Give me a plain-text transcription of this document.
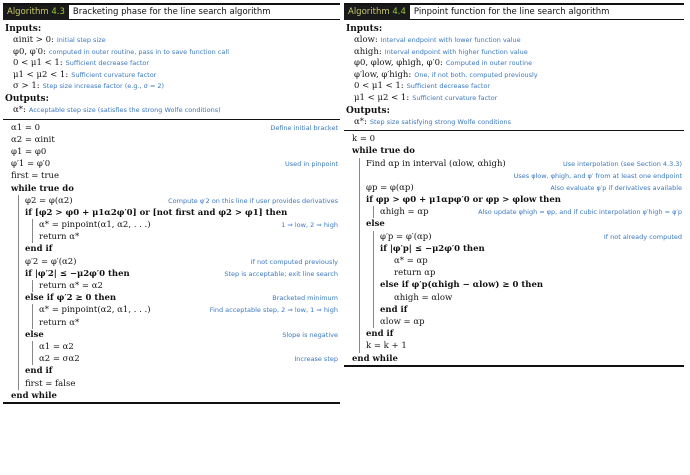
Algorithm 4.3 Bracketing phase for the line search algorithm
Inputs:
αinit > 0: Initial step size
φ0, φ′0: computed in outer routine, pass in to save function call
0 < μ1 < 1: Sufficient decrease factor
μ1 < μ2 < 1: Sufficient curvature factor
σ > 1: Step size increase factor (e.g., σ = 2)
Outputs:
α*: Acceptable step size (satisfies the strong Wolfe conditions)
α1 = 0	Define initial bracket
α2 = αinit
φ1 = φ0
φ′1 = φ′0	Used in pinpoint
first = true
while true do
φ2 = φ(α2)	Compute φ′2 on this line if user provides derivatives
if [φ2 > φ0 + μ1α2φ′0] or [not first and φ2 > φ1] then
α* = pinpoint(α1, α2, . . .)	1 ⇒ low, 2 ⇒ high
return α*
end if
φ′2 = φ′(α2)	If not computed previously
if |φ′2| ≤ −μ2φ′0 then	Step is acceptable; exit line search
return α* = α2
else if φ′2 ≥ 0 then	Bracketed minimum
α* = pinpoint(α2, α1, . . .)	Find acceptable step, 2 ⇒ low, 1 ⇒ high
return α*
else	Slope is negative
α1 = α2
α2 = σα2	Increase step
end if
first = false
end while
Algorithm 4.4 Pinpoint function for the line search algorithm
Inputs:
αlow: Interval endpoint with lower function value
αhigh: Interval endpoint with higher function value
φ0, φlow, φhigh, φ′0: Computed in outer routine
φ′low, φ′high: One, if not both, computed previously
0 < μ1 < 1: Sufficient decrease factor
μ1 < μ2 < 1: Sufficient curvature factor
Outputs:
α*: Step size satisfying strong Wolfe conditions
k = 0
while true do
Find αp in interval (αlow, αhigh)	Use interpolation (see Section 4.3.3)
Uses φlow, φhigh, and φ′ from at least one endpoint
φp = φ(αp)	Also evaluate φ′p if derivatives available
if φp > φ0 + μ1αpφ′0 or φp > φlow then
αhigh = αp	Also update φhigh = φp, and if cubic interpolation φ′high = φ′p
else
φ′p = φ′(αp)	If not already computed
if |φ′p| ≤ −μ2φ′0 then
α* = αp
return αp
else if φ′p(αhigh − αlow) ≥ 0 then
αhigh = αlow
end if
αlow = αp
end if
k = k + 1
end while
